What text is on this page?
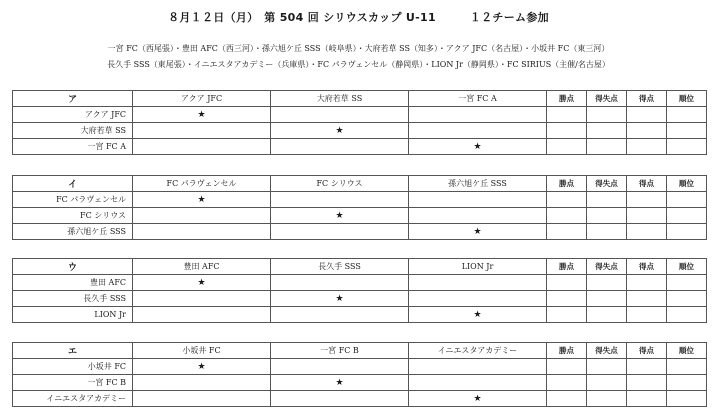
８月１２日（月）　第 504 回 シリウスカップ U-11　　　１２チーム参加
一宮 FC（西尾張）・豊田 AFC（西三河）・孫六旭ケ丘 SSS（岐阜県）・大府若草 SS（知多）・アクア JFC（名古屋）・小坂井 FC（東三河）
長久手 SSS（東尾張）・イニエスタアカデミー（兵庫県）・FC パラヴェンセル（静岡県）・LION Jr（静岡県）・FC SIRIUS（主催/名古屋）
ア	アクア JFC	大府若草 SS	一宮 FC A	勝点	得失点	得点	順位
アクア JFC	★						
大府若草 SS		★					
一宮 FC A			★				
イ	FC パラヴェンセル	FC シリウス	孫六旭ケ丘 SSS	勝点	得失点	得点	順位
FC パラヴェンセル	★						
FC シリウス		★					
孫六旭ケ丘 SSS			★				
ウ	豊田 AFC	長久手 SSS	LION Jr	勝点	得失点	得点	順位
豊田 AFC	★						
長久手 SSS		★					
LION Jr			★				
エ	小坂井 FC	一宮 FC B	イニエスタアカデミー	勝点	得失点	得点	順位
小坂井 FC	★						
一宮 FC B		★					
イニエスタアカデミー			★				
